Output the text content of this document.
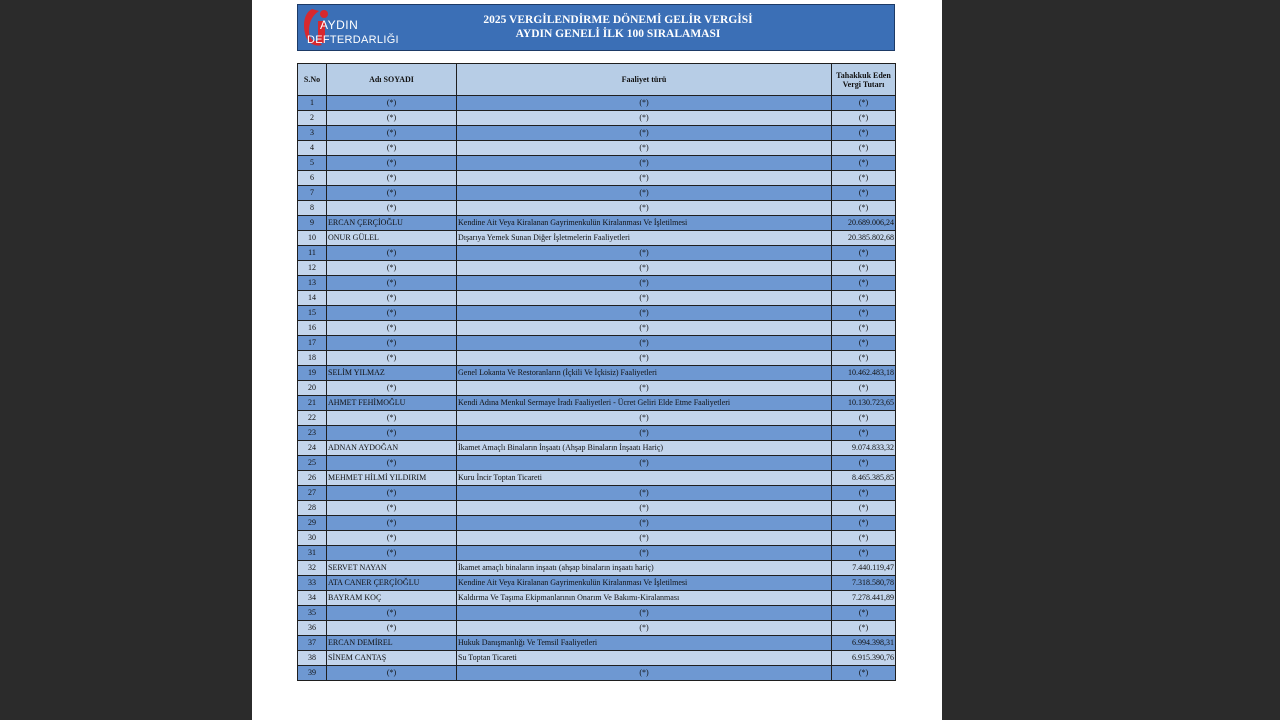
AYDIN
DEFTERDARLIĞI
2025 VERGİLENDİRME DÖNEMİ GELİR VERGİSİ
AYDIN GENELİ İLK 100 SIRALAMASI
S.No	Adı SOYADI	Faaliyet türü	Tahakkuk Eden Vergi Tutarı
1	(*)	(*)	(*)
2	(*)	(*)	(*)
3	(*)	(*)	(*)
4	(*)	(*)	(*)
5	(*)	(*)	(*)
6	(*)	(*)	(*)
7	(*)	(*)	(*)
8	(*)	(*)	(*)
9	ERCAN ÇERÇİOĞLU	Kendine Ait Veya Kiralanan Gayrimenkulün Kiralanması Ve İşletilmesi	20.689.006,24
10	ONUR GÜLEL	Dışarıya Yemek Sunan Diğer İşletmelerin Faaliyetleri	20.385.802,68
11	(*)	(*)	(*)
12	(*)	(*)	(*)
13	(*)	(*)	(*)
14	(*)	(*)	(*)
15	(*)	(*)	(*)
16	(*)	(*)	(*)
17	(*)	(*)	(*)
18	(*)	(*)	(*)
19	SELİM YILMAZ	Genel Lokanta Ve Restoranların (İçkili Ve İçkisiz) Faaliyetleri	10.462.483,18
20	(*)	(*)	(*)
21	AHMET FEHİMOĞLU	Kendi Adına Menkul Sermaye İradı Faaliyetleri - Ücret Geliri Elde Etme Faaliyetleri	10.130.723,65
22	(*)	(*)	(*)
23	(*)	(*)	(*)
24	ADNAN AYDOĞAN	İkamet Amaçlı Binaların İnşaatı (Ahşap Binaların İnşaatı Hariç)	9.074.833,32
25	(*)	(*)	(*)
26	MEHMET HİLMİ YILDIRIM	Kuru İncir Toptan Ticareti	8.465.385,85
27	(*)	(*)	(*)
28	(*)	(*)	(*)
29	(*)	(*)	(*)
30	(*)	(*)	(*)
31	(*)	(*)	(*)
32	SERVET NAYAN	İkamet amaçlı binaların inşaatı (ahşap binaların inşaatı hariç)	7.440.119,47
33	ATA CANER ÇERÇİOĞLU	Kendine Ait Veya Kiralanan Gayrimenkulün Kiralanması Ve İşletilmesi	7.318.580,78
34	BAYRAM KOÇ	Kaldırma Ve Taşıma Ekipmanlarının Onarım Ve Bakımı-Kiralanması	7.278.441,89
35	(*)	(*)	(*)
36	(*)	(*)	(*)
37	ERCAN DEMİREL	Hukuk Danışmanlığı Ve Temsil Faaliyetleri	6.994.398,31
38	SİNEM CANTAŞ	Su Toptan Ticareti	6.915.390,76
39	(*)	(*)	(*)
